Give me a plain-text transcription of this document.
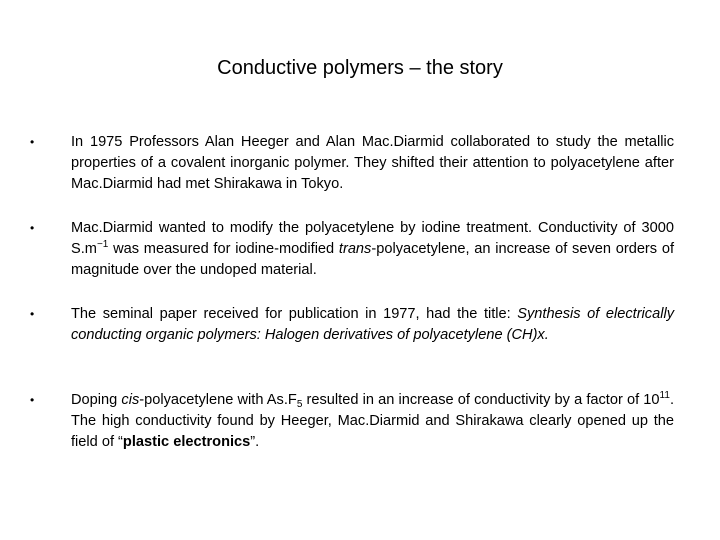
Conductive polymers – the story
•	In 1975 Professors Alan Heeger and Alan Mac.Diarmid collaborated to study the metallic properties of a covalent inorganic polymer. They shifted their attention to polyacetylene after Mac.Diarmid had met Shirakawa in Tokyo.
•	Mac.Diarmid wanted to modify the polyacetylene by iodine treatment. Conductivity of 3000 $S.m^{-1}$ was measured for iodine-modified trans-polyacetylene, an increase of seven orders of magnitude over the undoped material.
•	The seminal paper received for publication in 1977, had the title: Synthesis of electrically conducting organic polymers: Halogen derivatives of polyacetylene (CH)x.
•	Doping cis-polyacetylene with $As.F_5$ resulted in an increase of conductivity by a factor of $10^{11}$. The high conductivity found by Heeger, Mac.Diarmid and Shirakawa clearly opened up the field of “plastic electronics”.
